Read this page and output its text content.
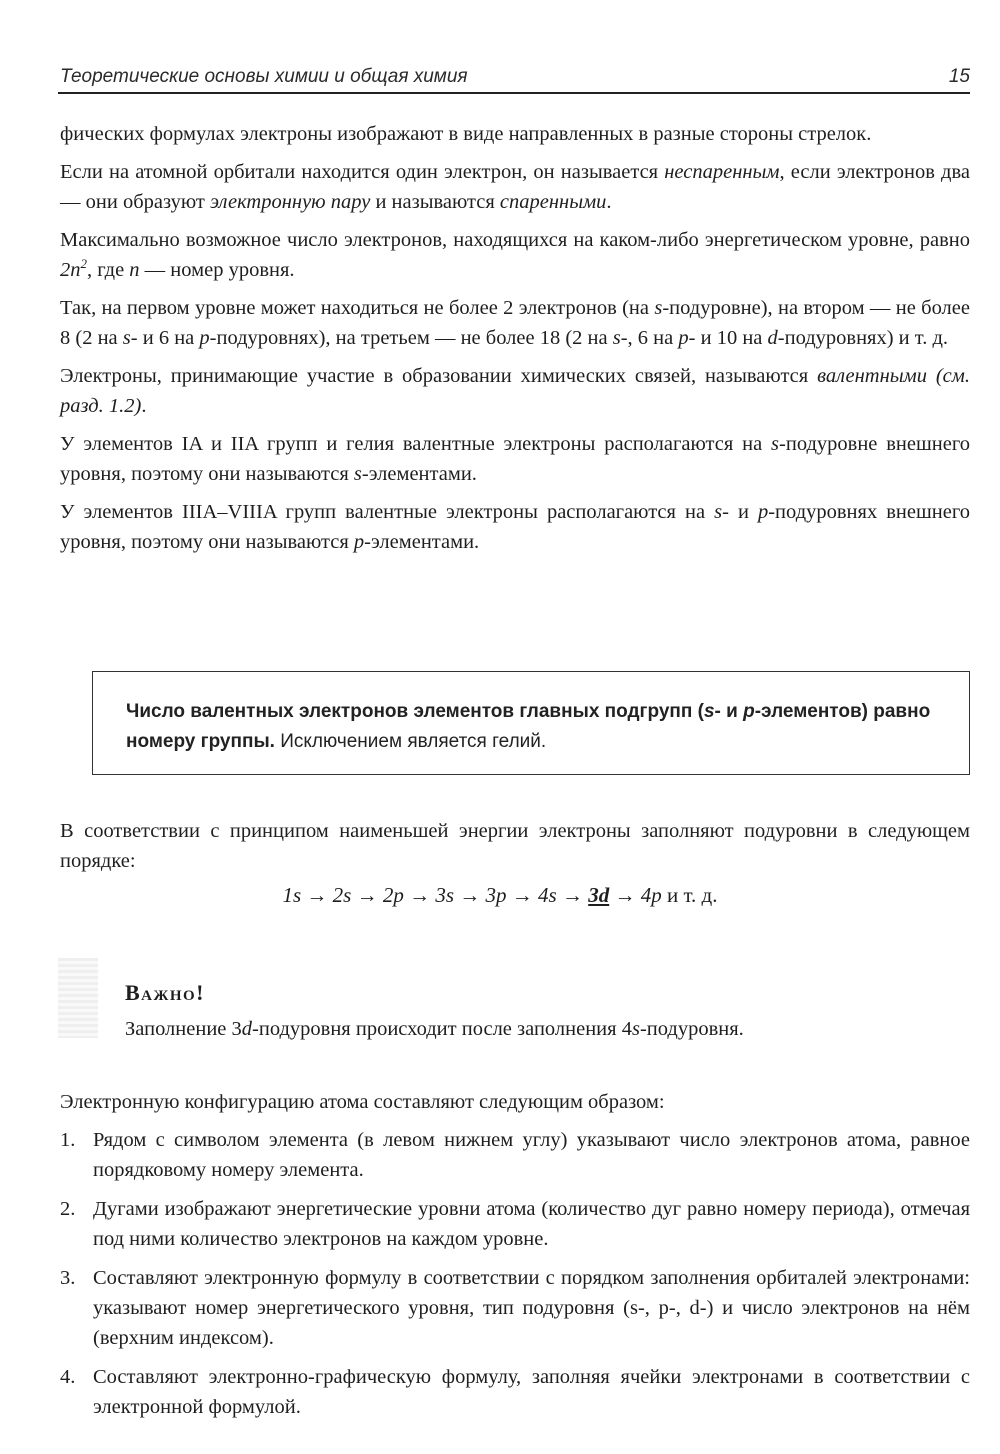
Теоретические основы химии и общая химия	15

фических формулах электроны изображают в виде направленных в разные стороны стрелок.

Если на атомной орбитали находится один электрон, он называется неспаренным, если электронов два — они образуют электронную пару и называются спаренными.

Максимально возможное число электронов, находящихся на каком-либо энергетическом уровне, равно $2n^2$, где n — номер уровня.

Так, на первом уровне может находиться не более 2 электронов (на s-подуровне), на втором — не более 8 (2 на s- и 6 на p-подуровнях), на третьем — не более 18 (2 на s-, 6 на p- и 10 на d-подуровнях) и т. д.

Электроны, принимающие участие в образовании химических связей, называются валентными (см. разд. 1.2).

У элементов IA и IIA групп и гелия валентные электроны располагаются на s-подуровне внешнего уровня, поэтому они называются s-элементами.

У элементов IIIA–VIIIA групп валентные электроны располагаются на s- и p-подуровнях внешнего уровня, поэтому они называются p-элементами.

Число валентных электронов элементов главных подгрупп (s- и p-элементов) равно номеру группы. Исключением является гелий.

В соответствии с принципом наименьшей энергии электроны заполняют подуровни в следующем порядке:

1s → 2s → 2p → 3s → 3p → 4s → 3d → 4p и т. д.
Важно!
Заполнение 3d-подуровня происходит после заполнения 4s-подуровня.

Электронную конфигурацию атома составляют следующим образом:

1. Рядом с символом элемента (в левом нижнем углу) указывают число электронов атома, равное порядковому номеру элемента.
2. Дугами изображают энергетические уровни атома (количество дуг равно номеру периода), отмечая под ними количество электронов на каждом уровне.
3. Составляют электронную формулу в соответствии с порядком заполнения орбиталей электронами: указывают номер энергетического уровня, тип подуровня (s-, p-, d-) и число электронов на нём (верхним индексом).
4. Составляют электронно-графическую формулу, заполняя ячейки электронами в соответствии с электронной формулой.
